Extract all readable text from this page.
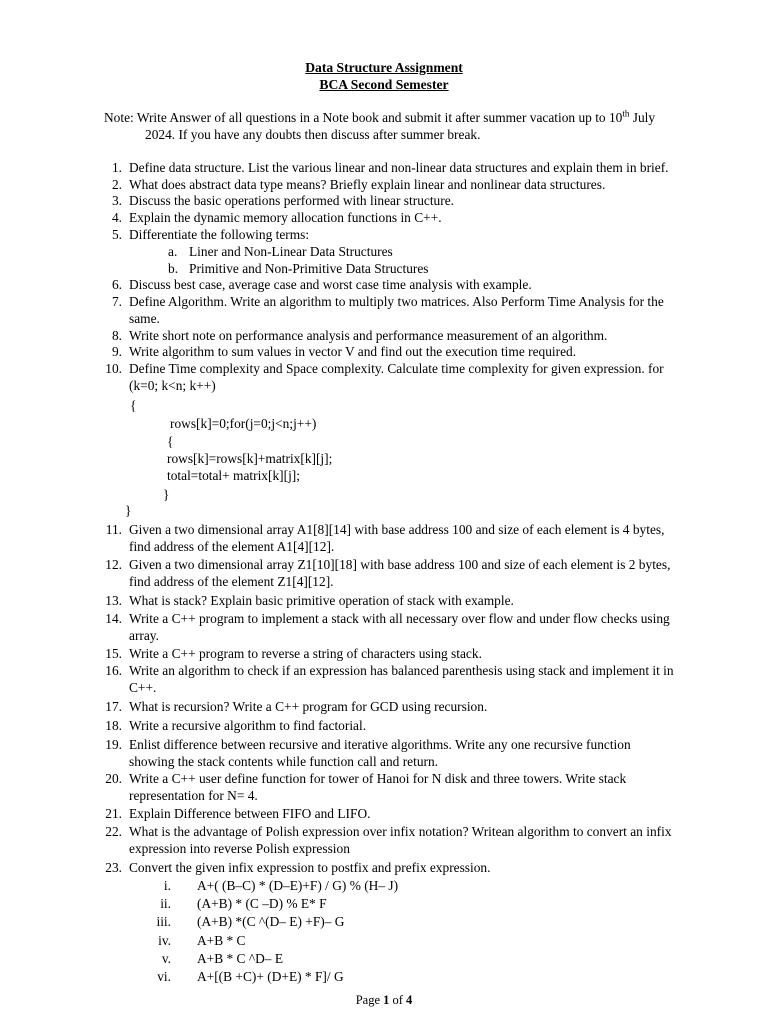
Data Structure Assignment
BCA Second Semester
Note: Write Answer of all questions in a Note book and submit it after summer vacation up to 10th July
2024. If you have any doubts then discuss after summer break.
1. Define data structure. List the various linear and non-linear data structures and explain them in brief.
2. What does abstract data type means? Briefly explain linear and nonlinear data structures.
3. Discuss the basic operations performed with linear structure.
4. Explain the dynamic memory allocation functions in C++.
5. Differentiate the following terms:
a. Liner and Non-Linear Data Structures
b. Primitive and Non-Primitive Data Structures
6. Discuss best case, average case and worst case time analysis with example.
7. Define Algorithm. Write an algorithm to multiply two matrices. Also Perform Time Analysis for the
same.
8. Write short note on performance analysis and performance measurement of an algorithm.
9. Write algorithm to sum values in vector V and find out the execution time required.
10. Define Time complexity and Space complexity. Calculate time complexity for given expression. for
(k=0; k<n; k++)
{
rows[k]=0;for(j=0;j<n;j++)
{
rows[k]=rows[k]+matrix[k][j];
total=total+ matrix[k][j];
}
}
11. Given a two dimensional array A1[8][14] with base address 100 and size of each element is 4 bytes,
find address of the element A1[4][12].
12. Given a two dimensional array Z1[10][18] with base address 100 and size of each element is 2 bytes,
find address of the element Z1[4][12].
13. What is stack? Explain basic primitive operation of stack with example.
14. Write a C++ program to implement a stack with all necessary over flow and under flow checks using
array.
15. Write a C++ program to reverse a string of characters using stack.
16. Write an algorithm to check if an expression has balanced parenthesis using stack and implement it in
C++.
17. What is recursion? Write a C++ program for GCD using recursion.
18. Write a recursive algorithm to find factorial.
19. Enlist difference between recursive and iterative algorithms. Write any one recursive function
showing the stack contents while function call and return.
20. Write a C++ user define function for tower of Hanoi for N disk and three towers. Write stack
representation for N= 4.
21. Explain Difference between FIFO and LIFO.
22. What is the advantage of Polish expression over infix notation? Writean algorithm to convert an infix
expression into reverse Polish expression
23. Convert the given infix expression to postfix and prefix expression.
i. A+( (B–C) * (D–E)+F) / G) % (H– J)
ii. (A+B) * (C –D) % E* F
iii. (A+B) *(C ^(D– E) +F)– G
iv. A+B * C
v. A+B * C ^D– E
vi. A+[(B +C)+ (D+E) * F]/ G
Page 1 of 4
